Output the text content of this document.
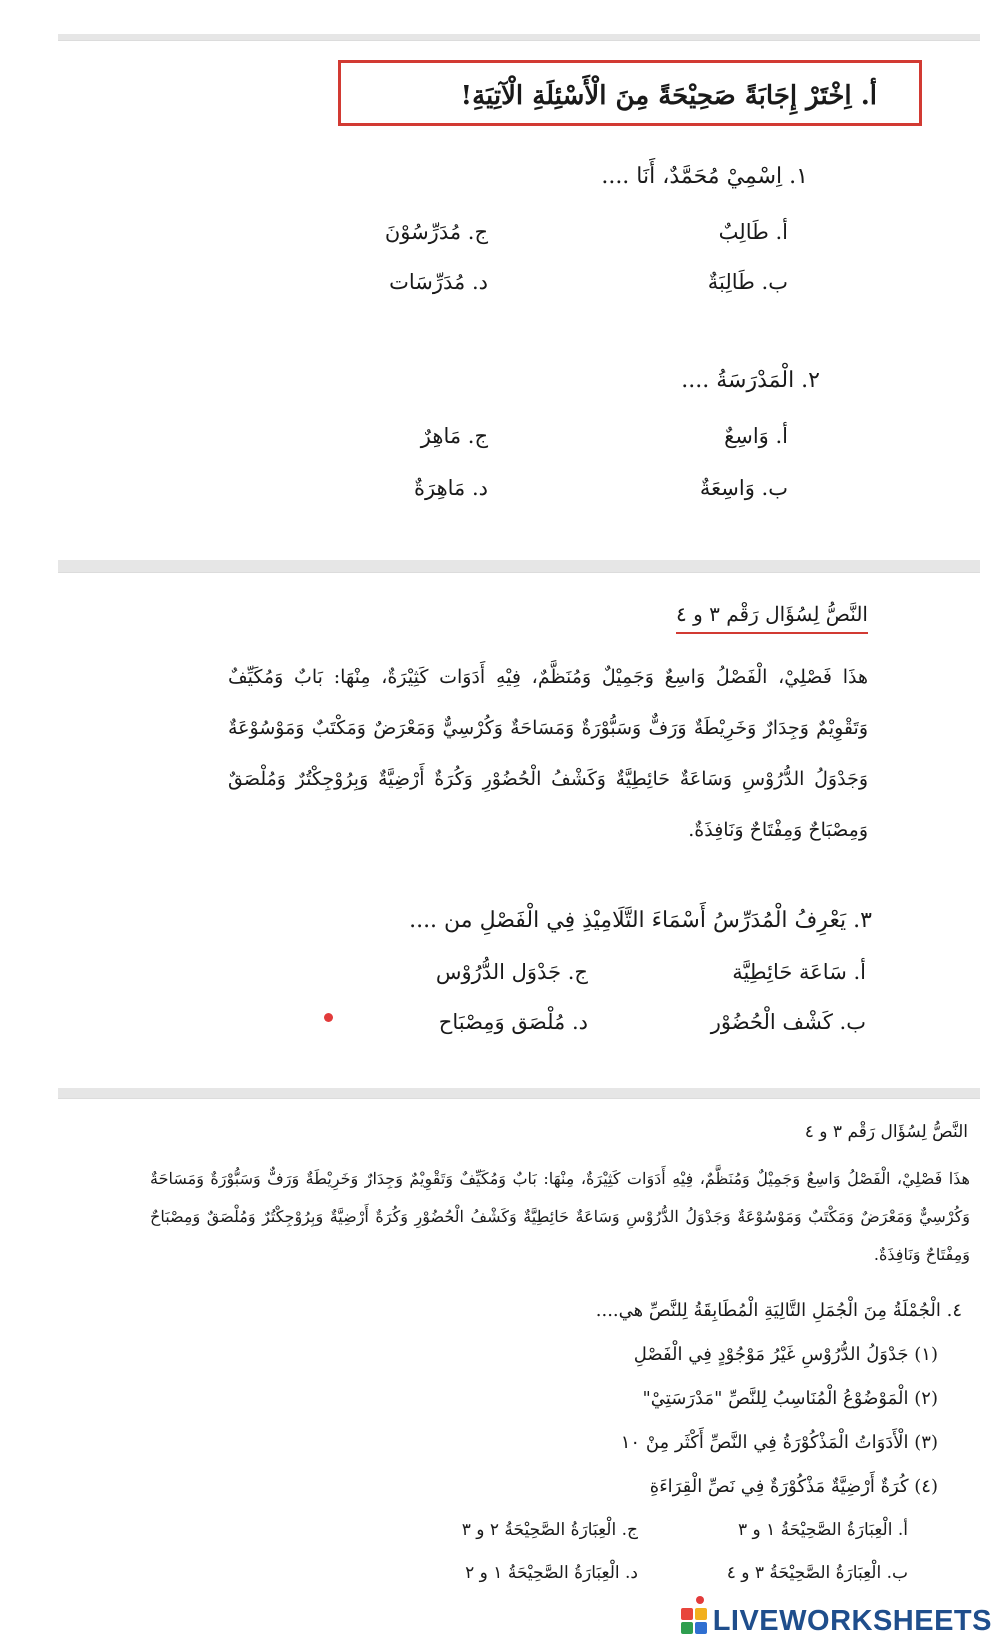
أ. اِخْتَرْ إِجَابَةً صَحِيْحَةً مِنَ الْأَسْئِلَةِ الْآتِيَةِ!
١. اِسْمِيْ مُحَمَّدٌ، أَنَا ....
أ. طَالِبٌ
ب. طَالِبَةٌ
ج. مُدَرِّسُوْنَ
د. مُدَرِّسَات
٢. الْمَدْرَسَةُ ....
أ. وَاسِعٌ
ب. وَاسِعَةٌ
ج. مَاهِرٌ
د. مَاهِرَةٌ
النَّصُّ لِسُؤَال رَقْم ٣ و ٤
هذَا فَصْلِيْ، الْفَصْلُ وَاسِعٌ وَجَمِيْلٌ وَمُنَظَّمٌ، فِيْهِ أَدَوَات كَثِيْرَةٌ، مِنْهَا: بَابٌ وَمُكَيِّفٌ وَتَقْوِيْمٌ وَجِدَارٌ وَخَرِيْطَةٌ وَرَفٌّ وَسَبُّوْرَةٌ وَمَسَاحَةٌ وَكُرْسِيٌّ وَمَعْرَضٌ وَمَكْتَبٌ وَمَوْسُوْعَةٌ وَجَدْوَلُ الدُّرُوْسِ وَسَاعَةٌ حَائِطِيَّةٌ وَكَشْفُ الْحُضُوْرِ وَكُرَةٌ أَرْضِيَّةٌ وَبِرُوْجِكْتُرٌ وَمُلْصَقٌ وَمِصْبَاحٌ وَمِفْتَاحٌ وَنَافِذَةٌ.
٣. يَعْرِفُ الْمُدَرِّسُ أَسْمَاءَ التَّلَامِيْذِ فِي الْفَصْلِ من ....
أ. سَاعَة حَائِطِيَّة
ب. كَشْف الْحُضُوْر
ج. جَدْوَل الدُّرُوْس
د. مُلْصَق وَمِصْبَاح
النَّصُّ لِسُؤَال رَقْم ٣ و ٤
هذَا فَصْلِيْ، الْفَصْلُ وَاسِعٌ وَجَمِيْلٌ وَمُنَظَّمٌ، فِيْهِ أَدَوَات كَثِيْرَةٌ، مِنْهَا: بَابٌ وَمُكَيِّفٌ وَتَقْوِيْمٌ وَجِدَارٌ وَخَرِيْطَةٌ وَرَفٌّ وَسَبُّوْرَةٌ وَمَسَاحَةٌ وَكُرْسِيٌّ وَمَعْرَضٌ وَمَكْتَبٌ وَمَوْسُوْعَةٌ وَجَدْوَلُ الدُّرُوْسِ وَسَاعَةٌ حَائِطِيَّةٌ وَكَشْفُ الْحُضُوْرِ وَكُرَةٌ أَرْضِيَّةٌ وَبِرُوْجِكْتُرٌ وَمُلْصَقٌ وَمِصْبَاحٌ وَمِفْتَاحٌ وَنَافِذَةٌ.
٤. الْجُمْلَةُ مِنَ الْجُمَلِ التَّالِيَةِ الْمُطَابِقَةُ لِلنَّصِّ هي....
(١) جَدْوَلُ الدُّرُوْسِ غَيْرُ مَوْجُوْدٍ فِي الْفَصْلِ
(٢) الْمَوْضُوْعُ الْمُنَاسِبُ لِلنَّصِّ "مَدْرَسَتِيْ"
(٣) الْأَدَوَاتُ الْمَذْكُوْرَةُ فِي النَّصِّ أَكْثَر مِنْ ١٠
(٤) كُرَةٌ أَرْضِيَّةٌ مَذْكُوْرَةٌ فِي نَصِّ الْقِرَاءَةِ
أ. الْعِبَارَةُ الصَّحِيْحَةُ ١ و ٣
ب. الْعِبَارَةُ الصَّحِيْحَةُ ٣ و ٤
ج. الْعِبَارَةُ الصَّحِيْحَةُ ٢ و ٣
د. الْعِبَارَةُ الصَّحِيْحَةُ ١ و ٢
LIVEWORKSHEETS
